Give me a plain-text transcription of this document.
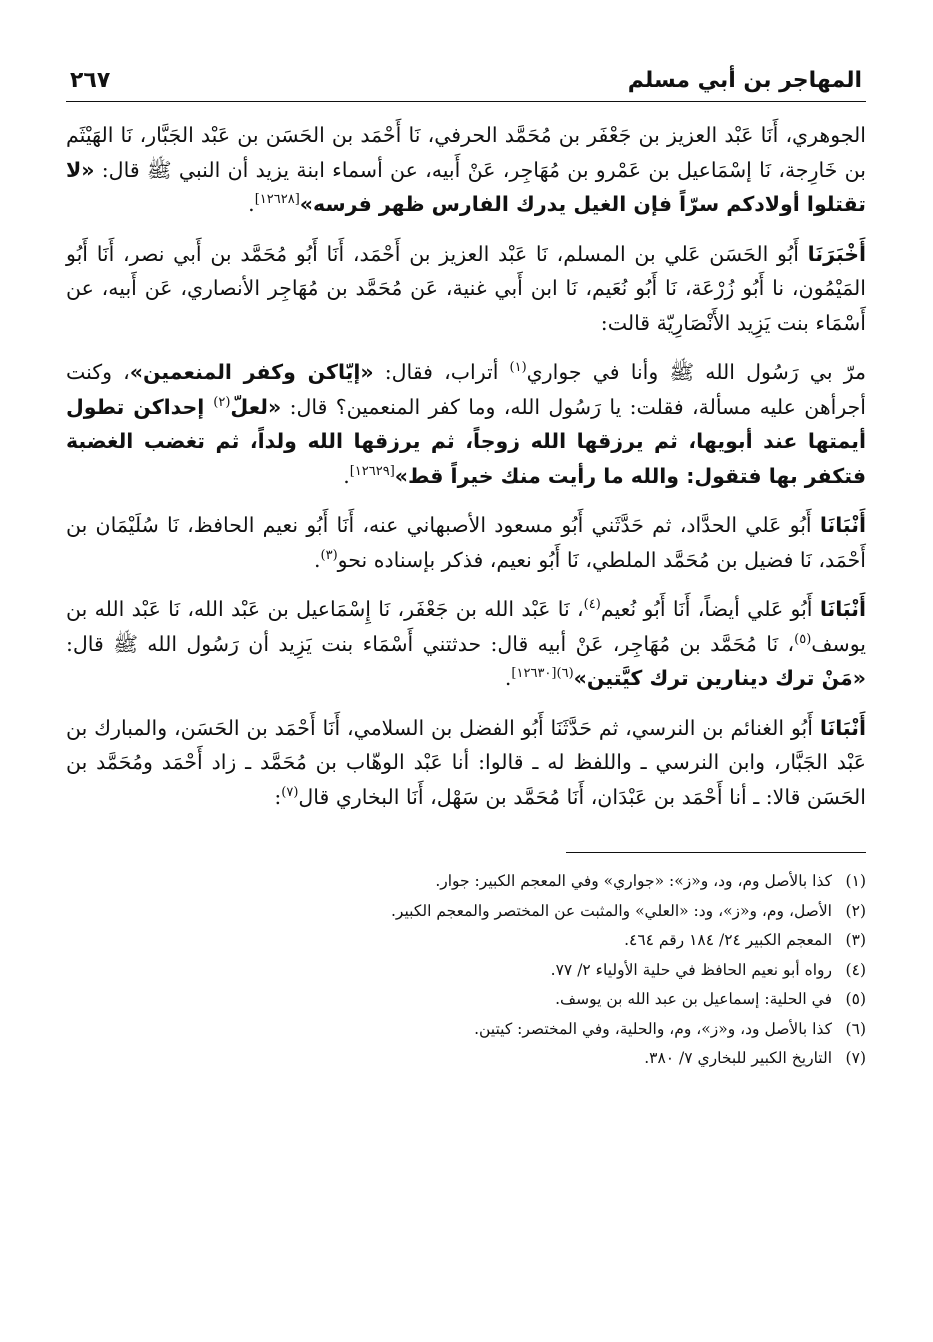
المهاجر بن أبي مسلم
٢٦٧

الجوهري، أَنَا عَبْد العزيز بن جَعْفَر بن مُحَمَّد الحرفي، نَا أَحْمَد بن الحَسَن بن عَبْد الجَبَّار، نَا الهَيْثَم بن خَارِجة، نَا إسْمَاعيل بن عَمْرو بن مُهَاجِر، عَنْ أَبيه، عن أسماء ابنة يزيد أن النبي ﷺ قال: «لا تقتلوا أولادكم سرّاً فإن الغيل يدرك الفارس ظهر فرسه»[١٢٦٢٨].

أَخْبَرَنَا أَبُو الحَسَن عَلي بن المسلم، نَا عَبْد العزيز بن أَحْمَد، أَنَا أَبُو مُحَمَّد بن أَبي نصر، أَنَا أَبُو المَيْمُون، نا أَبُو زُرْعَة، نَا أَبُو نُعَيم، نَا ابن أَبي غنية، عَن مُحَمَّد بن مُهَاجِر الأنصاري، عَن أَبيه، عن أَسْمَاء بنت يَزِيد الأَنْصَارِيّة قالت:

مرّ بي رَسُول الله ﷺ وأنا في جواري$^{(١)}$ أتراب، فقال: «إيّاكن وكفر المنعمين»، وكنت أجرأهن عليه مسألة، فقلت: يا رَسُول الله، وما كفر المنعمين؟ قال: «لعلّ$^{(٢)}$ إحداكن تطول أيمتها عند أبويها، ثم يرزقها الله زوجاً، ثم يرزقها الله ولداً، ثم تغضب الغضبة فتكفر بها فتقول: والله ما رأيت منك خيراً قط»[١٢٦٢٩].

أَنْبَانَا أَبُو عَلي الحدَّاد، ثم حَدَّثَني أَبُو مسعود الأصبهاني عنه، أَنَا أَبُو نعيم الحافظ، نَا سُلَيْمَان بن أَحْمَد، نَا فضيل بن مُحَمَّد الملطي، نَا أَبُو نعيم، فذكر بإسناده نحو$^{(٣)}$.

أَنْبَانَا أَبُو عَلي أيضاً، أَنَا أَبُو نُعيم$^{(٤)}$، نَا عَبْد الله بن جَعْفَر، نَا إِسْمَاعيل بن عَبْد الله، نَا عَبْد الله بن يوسف$^{(٥)}$، نَا مُحَمَّد بن مُهَاجِر، عَنْ أبيه قال: حدثتني أَسْمَاء بنت يَزِيد أن رَسُول الله ﷺ قال: «مَنْ ترك دينارين ترك كيَّتين»$^{(٦)[١٢٦٣٠]}$.

أَنْبَانَا أَبُو الغنائم بن النرسي، ثم حَدَّثَنَا أَبُو الفضل بن السلامي، أَنَا أَحْمَد بن الحَسَن، والمبارك بن عَبْد الجَبَّار، وابن النرسي ـ واللفظ له ـ قالوا: أنا عَبْد الوهّاب بن مُحَمَّد ـ زاد أَحْمَد ومُحَمَّد بن الحَسَن قالا: ـ أنا أَحْمَد بن عَبْدَان، أَنَا مُحَمَّد بن سَهْل، أَنَا البخاري قال$^{(٧)}$:

(١)كذا بالأصل وم، ود، و«ز»: «جواري» وفي المعجم الكبير: جوار.
(٢)الأصل، وم، و«ز»، ود: «العلي» والمثبت عن المختصر والمعجم الكبير.
(٣)المعجم الكبير ٢٤/ ١٨٤ رقم ٤٦٤.
(٤)رواه أبو نعيم الحافظ في حلية الأولياء ٢/ ٧٧.
(٥)في الحلية: إسماعيل بن عبد الله بن يوسف.
(٦)كذا بالأصل ود، و«ز»، وم، والحلية، وفي المختصر: كيتين.
(٧)التاريخ الكبير للبخاري ٧/ ٣٨٠.
